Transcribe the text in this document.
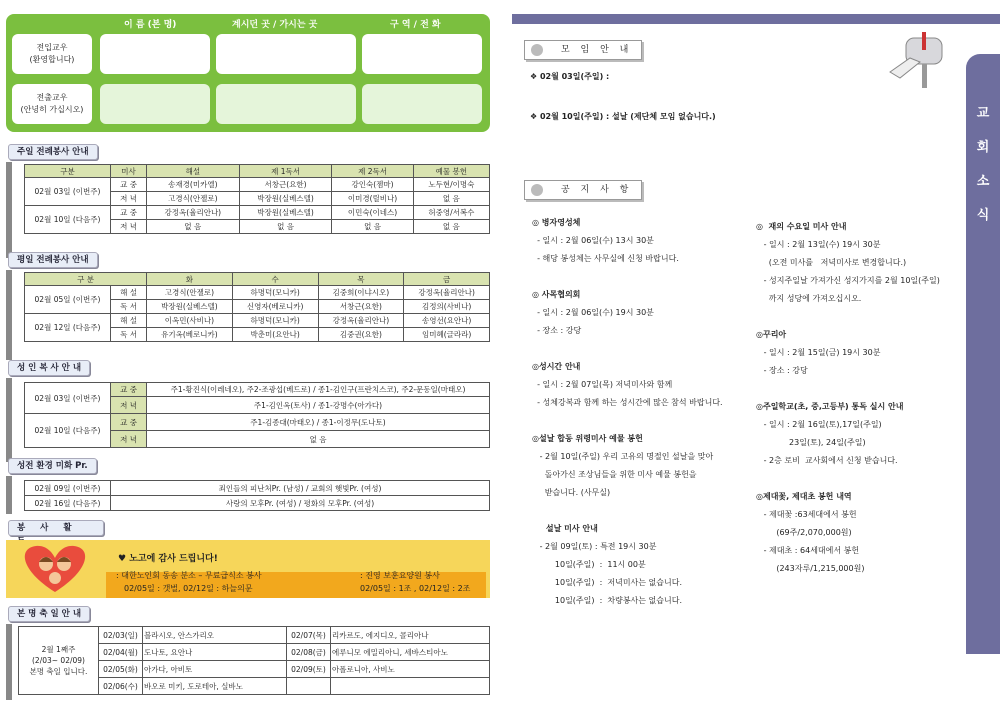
이 름 (본 명)	계시던 곳 / 가시는 곳	구 역 / 전 화
전입교우
(환영합니다)
전출교우
(안녕히 가십시오)
주일 전례봉사 안내
구분	미사	해설	제 1독서	제 2독서	예물 봉헌
02월 03일 (이번주)	교 중	송재경(미카엘)	서창근(요한)	강인숙(젬마)	노두현/이명숙
	저 녁	고경식(안젤로)	박장원(실베스텔)	이미경(릴비나)	없 음
02월 10일 (다음주)	교 중	강정옥(율리안나)	박장원(실베스텔)	이민숙(이네스)	허중영/서복수
	저 녁	없 음	없 음	없 음	없 음
평일 전례봉사 안내
구 분		화	수	목	금
02월 05일 (이번주)	해 설	고경식(안젤로)	하명덕(모니카)	김중희(이냐시오)	강정옥(율리안나)
	독 서	박장원(실베스텔)	신영자(베로니카)	서창근(요한)	김정의(사비나)
02월 12일 (다음주)	해 설	이옥민(사비나)	하명덕(모니카)	강정옥(율리안나)	송영선(요안나)
	독 서	유기옥(베로니카)	박춘미(요안나)	김중권(요한)	임미혜(글라라)
성 인 복 사 안 내
02월 03일 (이번주)	교 중	주1-황진식(이레네오), 주2-조광섭(베드로) / 종1-김인구(프란치스코), 주2-문동일(마태오)
	저 녁	주1-김인옥(토사) / 종1-강명수(아가다)
02월 10일 (다음주)	교 중	주1-김종대(마태오) / 종1-이정무(도나토)
	저 녁	없 음
성전 환경 미화 Pr.
02월 09일 (이번주)	죄인들의 피난처Pr. (남성) / 교회의 햇빛Pr. (여성)
02월 16일 (다음주)	사랑의 모후Pr. (여성) / 평화의 모후Pr. (여성)
봉 사 활
♥ 노고에 감사 드립니다!
: 대한노인회 동송 분소 – 무료급식소 봉사
02/05일 : 갯벌, 02/12일 : 하늘의문
: 진영 보훈요양원 봉사
02/05일 : 1조 , 02/12일 : 2조
본 명 축 일 안 내
2월 1째주
(2/03~ 02/09)
본명 축일 입니다.	02/03(일)	블라시오, 안스가리오	02/07(목)	리카르도, 에지디오, 콜리아나
	02/04(월)	도나토, 요안나	02/08(금)	에루니모 에밀리아니, 세바스티아노
	02/05(화)	아가다, 아비토	02/09(토)	아폴로니아, 사비노
	02/06(수)	바오로 미키, 도로테아, 실바노		
교
회
소
식
모 임 안 내
❖ 02월 03일(주일) :
❖ 02월 10일(주일) : 설날 (제단체 모임 없습니다.)
공 지 사 항
◎ 병자영성체
- 일시 : 2월 06일(수) 13시 30분
- 해당 봉성체는 사무실에 신청 바랍니다.
◎ 사목협의회
- 일시 : 2월 06일(수) 19시 30분
- 장소 : 강당
◎성시간 안내
- 일시 : 2월 07일(목) 저녁미사와 함께
- 성체강복과 함께 하는 성시간에 많은 참석 바랍니다.
◎설날 합동 위령미사 예물 봉헌
- 2월 10일(주일) 우리 고유의 명절인 설날을 맞아
돌아가신 조상님들을 위한 미사 예물 봉헌을
받습니다. (사무실)
설날 미사 안내
- 2월 09일(토) : 특전 19시 30분
10일(주일)  :  11시 00분
10일(주일)  :  저녁미사는 없습니다.
10일(주일)  :  차량봉사는 없습니다.
◎  재의 수요일 미사 안내
- 일시 : 2월 13일(수) 19시 30분
(오전 미사를   저녁미사로 변경합니다.)
- 성지주일날 가져가신 성지가지를 2월 10일(주일)
까지 성당에 가져오십시오.
◎꾸리아
- 일시 : 2월 15일(금) 19시 30분
- 장소 : 강당
◎주일학교(초, 중,고등부) 통독 실시 안내
- 일시 : 2월 16일(토),17일(주일)
23일(토), 24일(주일)
- 2층 로비  교사회에서 신청 받습니다.
◎제대꽃, 제대초 봉헌 내역
- 제대꽃 :63세대에서 봉헌
(69주/2,070,000원)
- 제대초 : 64세대에서 봉헌
(243자루/1,215,000원)
